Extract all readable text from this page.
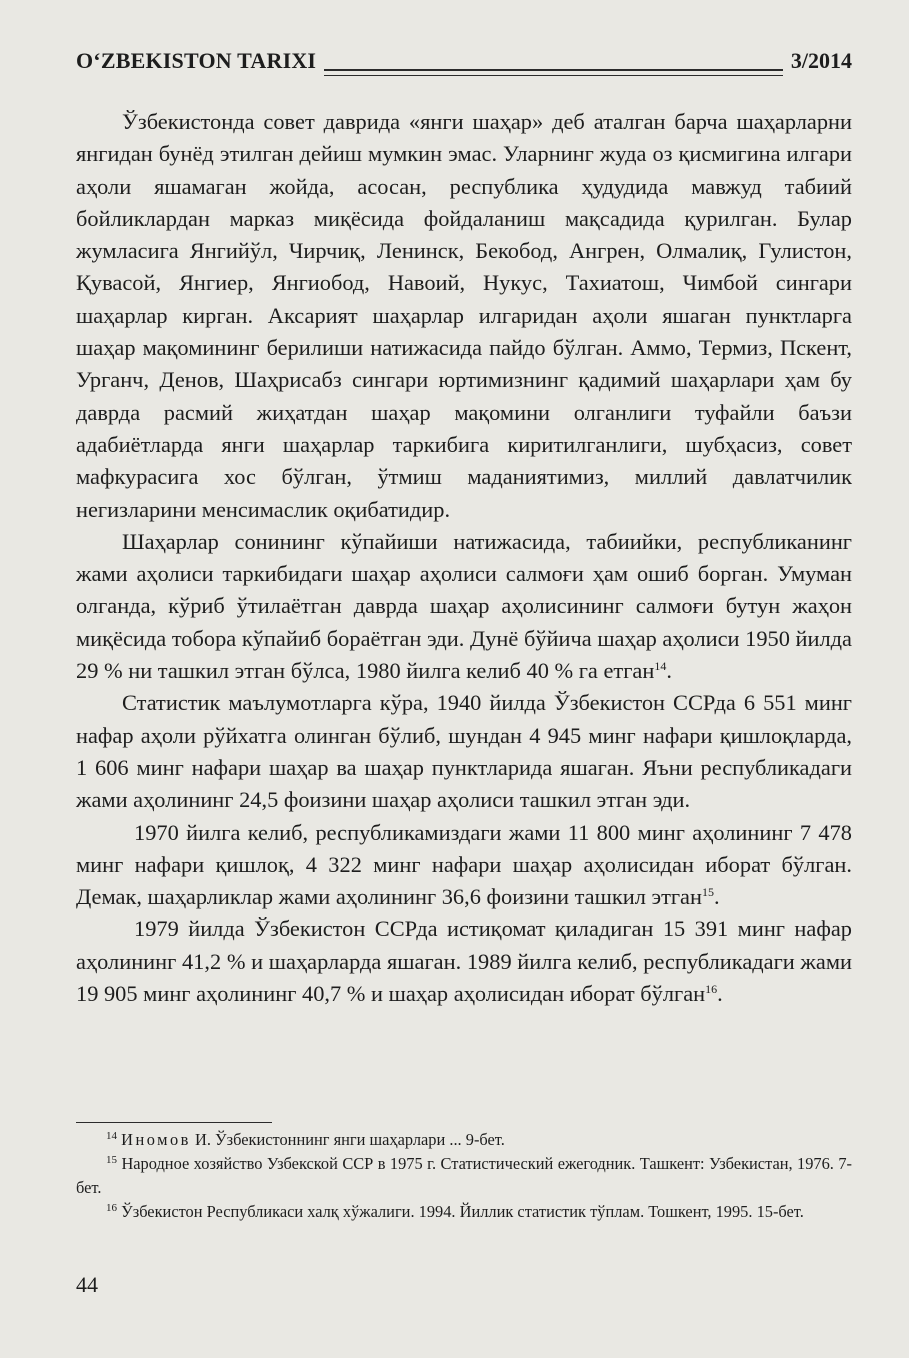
O‘ZBEKISTON TARIXI	3/2014

Ўзбекистонда совет даврида «янги шаҳар» деб аталган барча шаҳарларни янгидан бунёд этилган дейиш мумкин эмас. Уларнинг жуда оз қисмигина илгари аҳоли яшамаган жойда, асосан, республика ҳудудида мавжуд табиий бойликлардан марказ миқёсида фойдаланиш мақсадида қурилган. Булар жумласига Янгийўл, Чирчиқ, Ленинск, Бекобод, Ангрен, Олмалиқ, Гулистон, Қувасой, Янгиер, Янгиобод, Навоий, Нукус, Тахиатош, Чимбой сингари шаҳарлар кирган. Аксарият шаҳарлар илгаридан аҳоли яшаган пунктларга шаҳар мақомининг берилиши натижасида пайдо бўлган. Аммо, Термиз, Пскент, Урганч, Денов, Шаҳрисабз сингари юртимизнинг қадимий шаҳарлари ҳам бу даврда расмий жиҳатдан шаҳар мақомини олганлиги туфайли баъзи адабиётларда янги шаҳарлар таркибига киритилганлиги, шубҳасиз, совет мафкурасига хос бўлган, ўтмиш маданиятимиз, миллий давлатчилик негизларини менсимаслик оқибатидир.

Шаҳарлар сонининг кўпайиши натижасида, табиийки, республиканинг жами аҳолиси таркибидаги шаҳар аҳолиси салмоғи ҳам ошиб борган. Умуман олганда, кўриб ўтилаётган даврда шаҳар аҳолисининг салмоғи бутун жаҳон миқёсида тобора кўпайиб бораётган эди. Дунё бўйича шаҳар аҳолиси 1950 йилда 29 % ни ташкил этган бўлса, 1980 йилга келиб 40 % га етган$^{14}$.

Статистик маълумотларга кўра, 1940 йилда Ўзбекистон ССРда 6 551 минг нафар аҳоли рўйхатга олинган бўлиб, шундан 4 945 минг нафари қишлоқларда, 1 606 минг нафари шаҳар ва шаҳар пунктларида яшаган. Яъни республикадаги жами аҳолининг 24,5 фоизини шаҳар аҳолиси ташкил этган эди.

1970 йилга келиб, республикамиздаги жами 11 800 минг аҳолининг 7 478 минг нафари қишлоқ, 4 322 минг нафари шаҳар аҳолисидан иборат бўлган. Демак, шаҳарликлар жами аҳолининг 36,6 фоизини ташкил этган$^{15}$.

1979 йилда Ўзбекистон ССРда истиқомат қиладиган 15 391 минг нафар аҳолининг 41,2 % и шаҳарларда яшаган. 1989 йилга келиб, республикадаги жами 19 905 минг аҳолининг 40,7 % и шаҳар аҳолисидан иборат бўлган$^{16}$.

$^{14}$ Иномов И. Ўзбекистоннинг янги шаҳарлари ... 9-бет.

$^{15}$ Народное хозяйство Узбекской ССР в 1975 г. Статистический ежегодник. Ташкент: Узбекистан, 1976. 7-бет.

$^{16}$ Ўзбекистон Республикаси халқ хўжалиги. 1994. Йиллик статистик тўплам. Тошкент, 1995. 15-бет.

44
